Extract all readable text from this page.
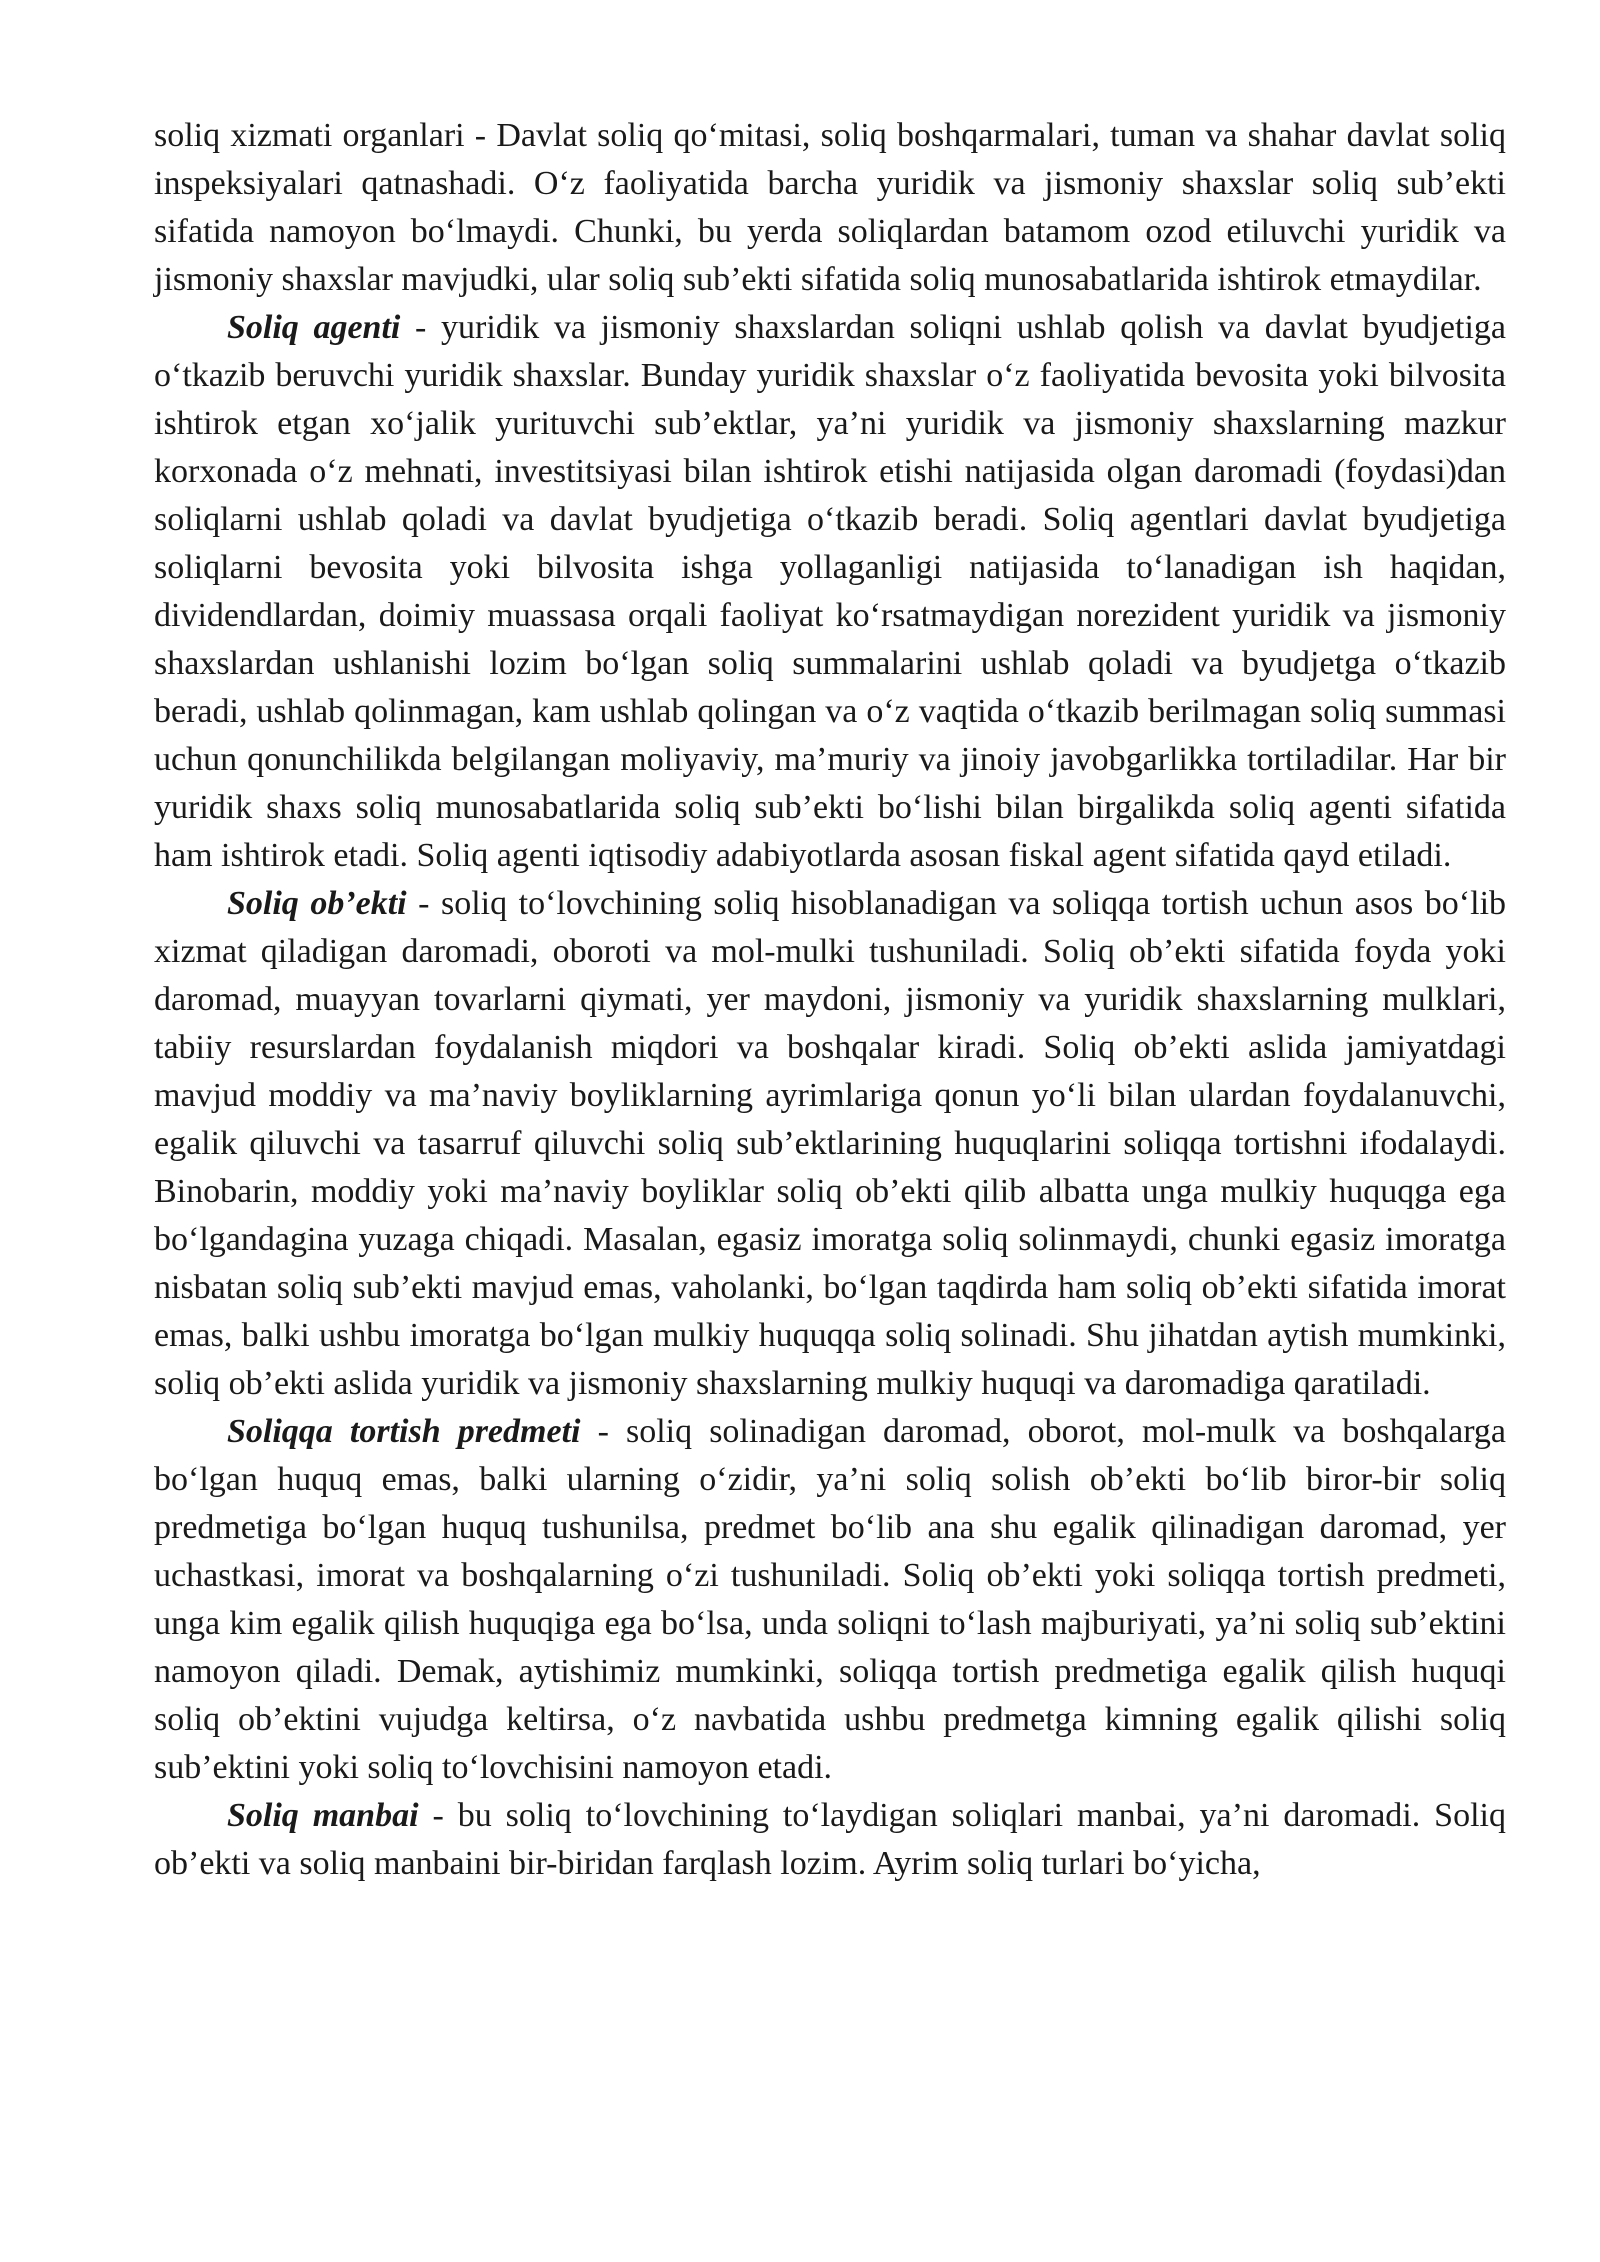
soliq xizmati organlari - Davlat soliq qo‘mitasi, soliq boshqarmalari, tuman va shahar davlat soliq inspeksiyalari qatnashadi. O‘z faoliyatida barcha yuridik va jismoniy shaxslar soliq sub’ekti sifatida namoyon bo‘lmaydi. Chunki, bu yerda soliqlardan batamom ozod etiluvchi yuridik va jismoniy shaxslar mavjudki, ular soliq sub’ekti sifatida soliq munosabatlarida ishtirok etmaydilar.

Soliq agenti - yuridik va jismoniy shaxslardan soliqni ushlab qolish va davlat byudjetiga o‘tkazib beruvchi yuridik shaxslar. Bunday yuridik shaxslar o‘z faoliyatida bevosita yoki bilvosita ishtirok etgan xo‘jalik yurituvchi sub’ektlar, ya’ni yuridik va jismoniy shaxslarning mazkur korxonada o‘z mehnati, investitsiyasi bilan ishtirok etishi natijasida olgan daromadi (foydasi)dan soliqlarni ushlab qoladi va davlat byudjetiga o‘tkazib beradi. Soliq agentlari davlat byudjetiga soliqlarni bevosita yoki bilvosita ishga yollaganligi natijasida to‘lanadigan ish haqidan, dividendlardan, doimiy muassasa orqali faoliyat ko‘rsatmaydigan norezident yuridik va jismoniy shaxslardan ushlanishi lozim bo‘lgan soliq summalarini ushlab qoladi va byudjetga o‘tkazib beradi, ushlab qolinmagan, kam ushlab qolingan va o‘z vaqtida o‘tkazib berilmagan soliq summasi uchun qonunchilikda belgilangan moliyaviy, ma’muriy va jinoiy javobgarlikka tortiladilar. Har bir yuridik shaxs soliq munosabatlarida soliq sub’ekti bo‘lishi bilan birgalikda soliq agenti sifatida ham ishtirok etadi. Soliq agenti iqtisodiy adabiyotlarda asosan fiskal agent sifatida qayd etiladi.

Soliq ob’ekti - soliq to‘lovchining soliq hisoblanadigan va soliqqa tortish uchun asos bo‘lib xizmat qiladigan daromadi, oboroti va mol-mulki tushuniladi. Soliq ob’ekti sifatida foyda yoki daromad, muayyan tovarlarni qiymati, yer maydoni, jismoniy va yuridik shaxslarning mulklari, tabiiy resurslardan foydalanish miqdori va boshqalar kiradi. Soliq ob’ekti aslida jamiyatdagi mavjud moddiy va ma’naviy boyliklarning ayrimlariga qonun yo‘li bilan ulardan foydalanuvchi, egalik qiluvchi va tasarruf qiluvchi soliq sub’ektlarining huquqlarini soliqqa tortishni ifodalaydi. Binobarin, moddiy yoki ma’naviy boyliklar soliq ob’ekti qilib albatta unga mulkiy huquqga ega bo‘lgandagina yuzaga chiqadi. Masalan, egasiz imoratga soliq solinmaydi, chunki egasiz imoratga nisbatan soliq sub’ekti mavjud emas, vaholanki, bo‘lgan taqdirda ham soliq ob’ekti sifatida imorat emas, balki ushbu imoratga bo‘lgan mulkiy huquqqa soliq solinadi. Shu jihatdan aytish mumkinki, soliq ob’ekti aslida yuridik va jismoniy shaxslarning mulkiy huquqi va daromadiga qaratiladi.

Soliqqa tortish predmeti - soliq solinadigan daromad, oborot, mol-mulk va boshqalarga bo‘lgan huquq emas, balki ularning o‘zidir, ya’ni soliq solish ob’ekti bo‘lib biror-bir soliq predmetiga bo‘lgan huquq tushunilsa, predmet bo‘lib ana shu egalik qilinadigan daromad, yer uchastkasi, imorat va boshqalarning o‘zi tushuniladi. Soliq ob’ekti yoki soliqqa tortish predmeti, unga kim egalik qilish huquqiga ega bo‘lsa, unda soliqni to‘lash majburiyati, ya’ni soliq sub’ektini namoyon qiladi. Demak, aytishimiz mumkinki, soliqqa tortish predmetiga egalik qilish huquqi soliq ob’ektini vujudga keltirsa, o‘z navbatida ushbu predmetga kimning egalik qilishi soliq sub’ektini yoki soliq to‘lovchisini namoyon etadi.

Soliq manbai - bu soliq to‘lovchining to‘laydigan soliqlari manbai, ya’ni daromadi. Soliq ob’ekti va soliq manbaini bir-biridan farqlash lozim. Ayrim soliq turlari bo‘yicha,
